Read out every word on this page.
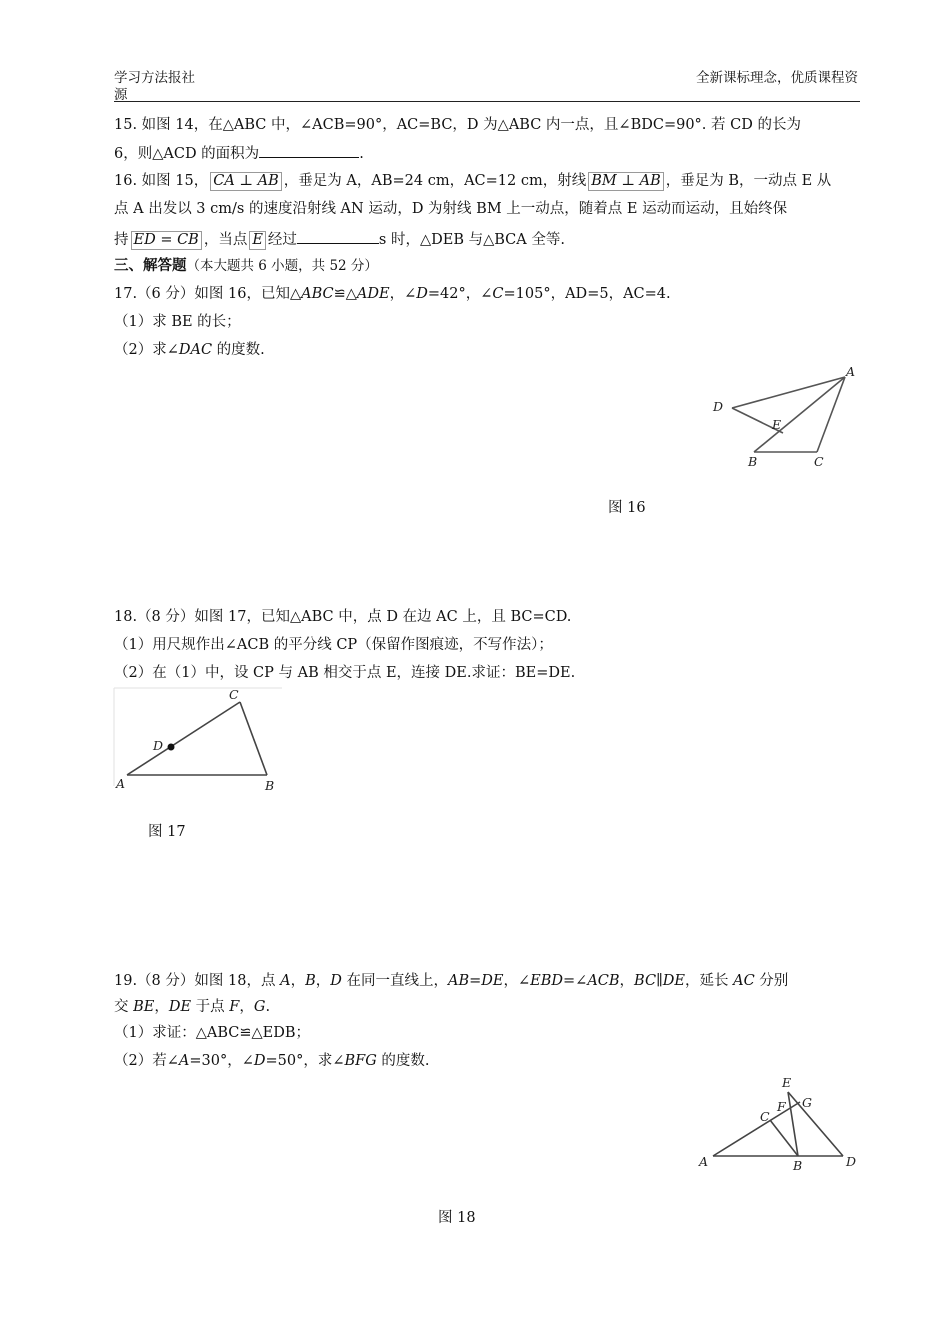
学习方法报社
源
全新课标理念，优质课程资
15. 如图 14，在△ABC 中，∠ACB=90°，AC=BC，D 为△ABC 内一点，且∠BDC=90°. 若 CD 的长为
6，则△ACD 的面积为	.
16. 如图 15， CA ⊥ AB ，垂足为 A，AB=24 cm，AC=12 cm，射线 BM ⊥ AB ，垂足为 B，一动点 E 从
点 A 出发以 3 cm/s 的速度沿射线 AN 运动，D 为射线 BM 上一动点，随着点 E 运动而运动，且始终保
持 ED = CB ，当点 E 经过	s 时，△DEB 与△BCA 全等.
三、解答题（本大题共 6 小题，共 52 分）
17.（6 分）如图 16，已知△ABC≌△ADE，∠D=42°，∠C=105°，AD=5，AC=4.
（1）求 BE 的长；
（2）求∠DAC 的度数.
A
D
E
B	C
图 16
18.（8 分）如图 17，已知△ABC 中，点 D 在边 AC 上，且 BC=CD.
（1）用尺规作出∠ACB 的平分线 CP（保留作图痕迹，不写作法）；
（2）在（1）中，设 CP 与 AB 相交于点 E，连接 DE.求证：BE=DE.
C
D
A	B
图 17
19.（8 分）如图 18，点 A，B，D 在同一直线上，AB=DE，∠EBD=∠ACB，BC∥DE，延长 AC 分别
交 BE，DE 于点 F，G.
（1）求证：△ABC≌△EDB；
（2）若∠A=30°，∠D=50°，求∠BFG 的度数.
E
G
F
C
A	B	D
图 18
